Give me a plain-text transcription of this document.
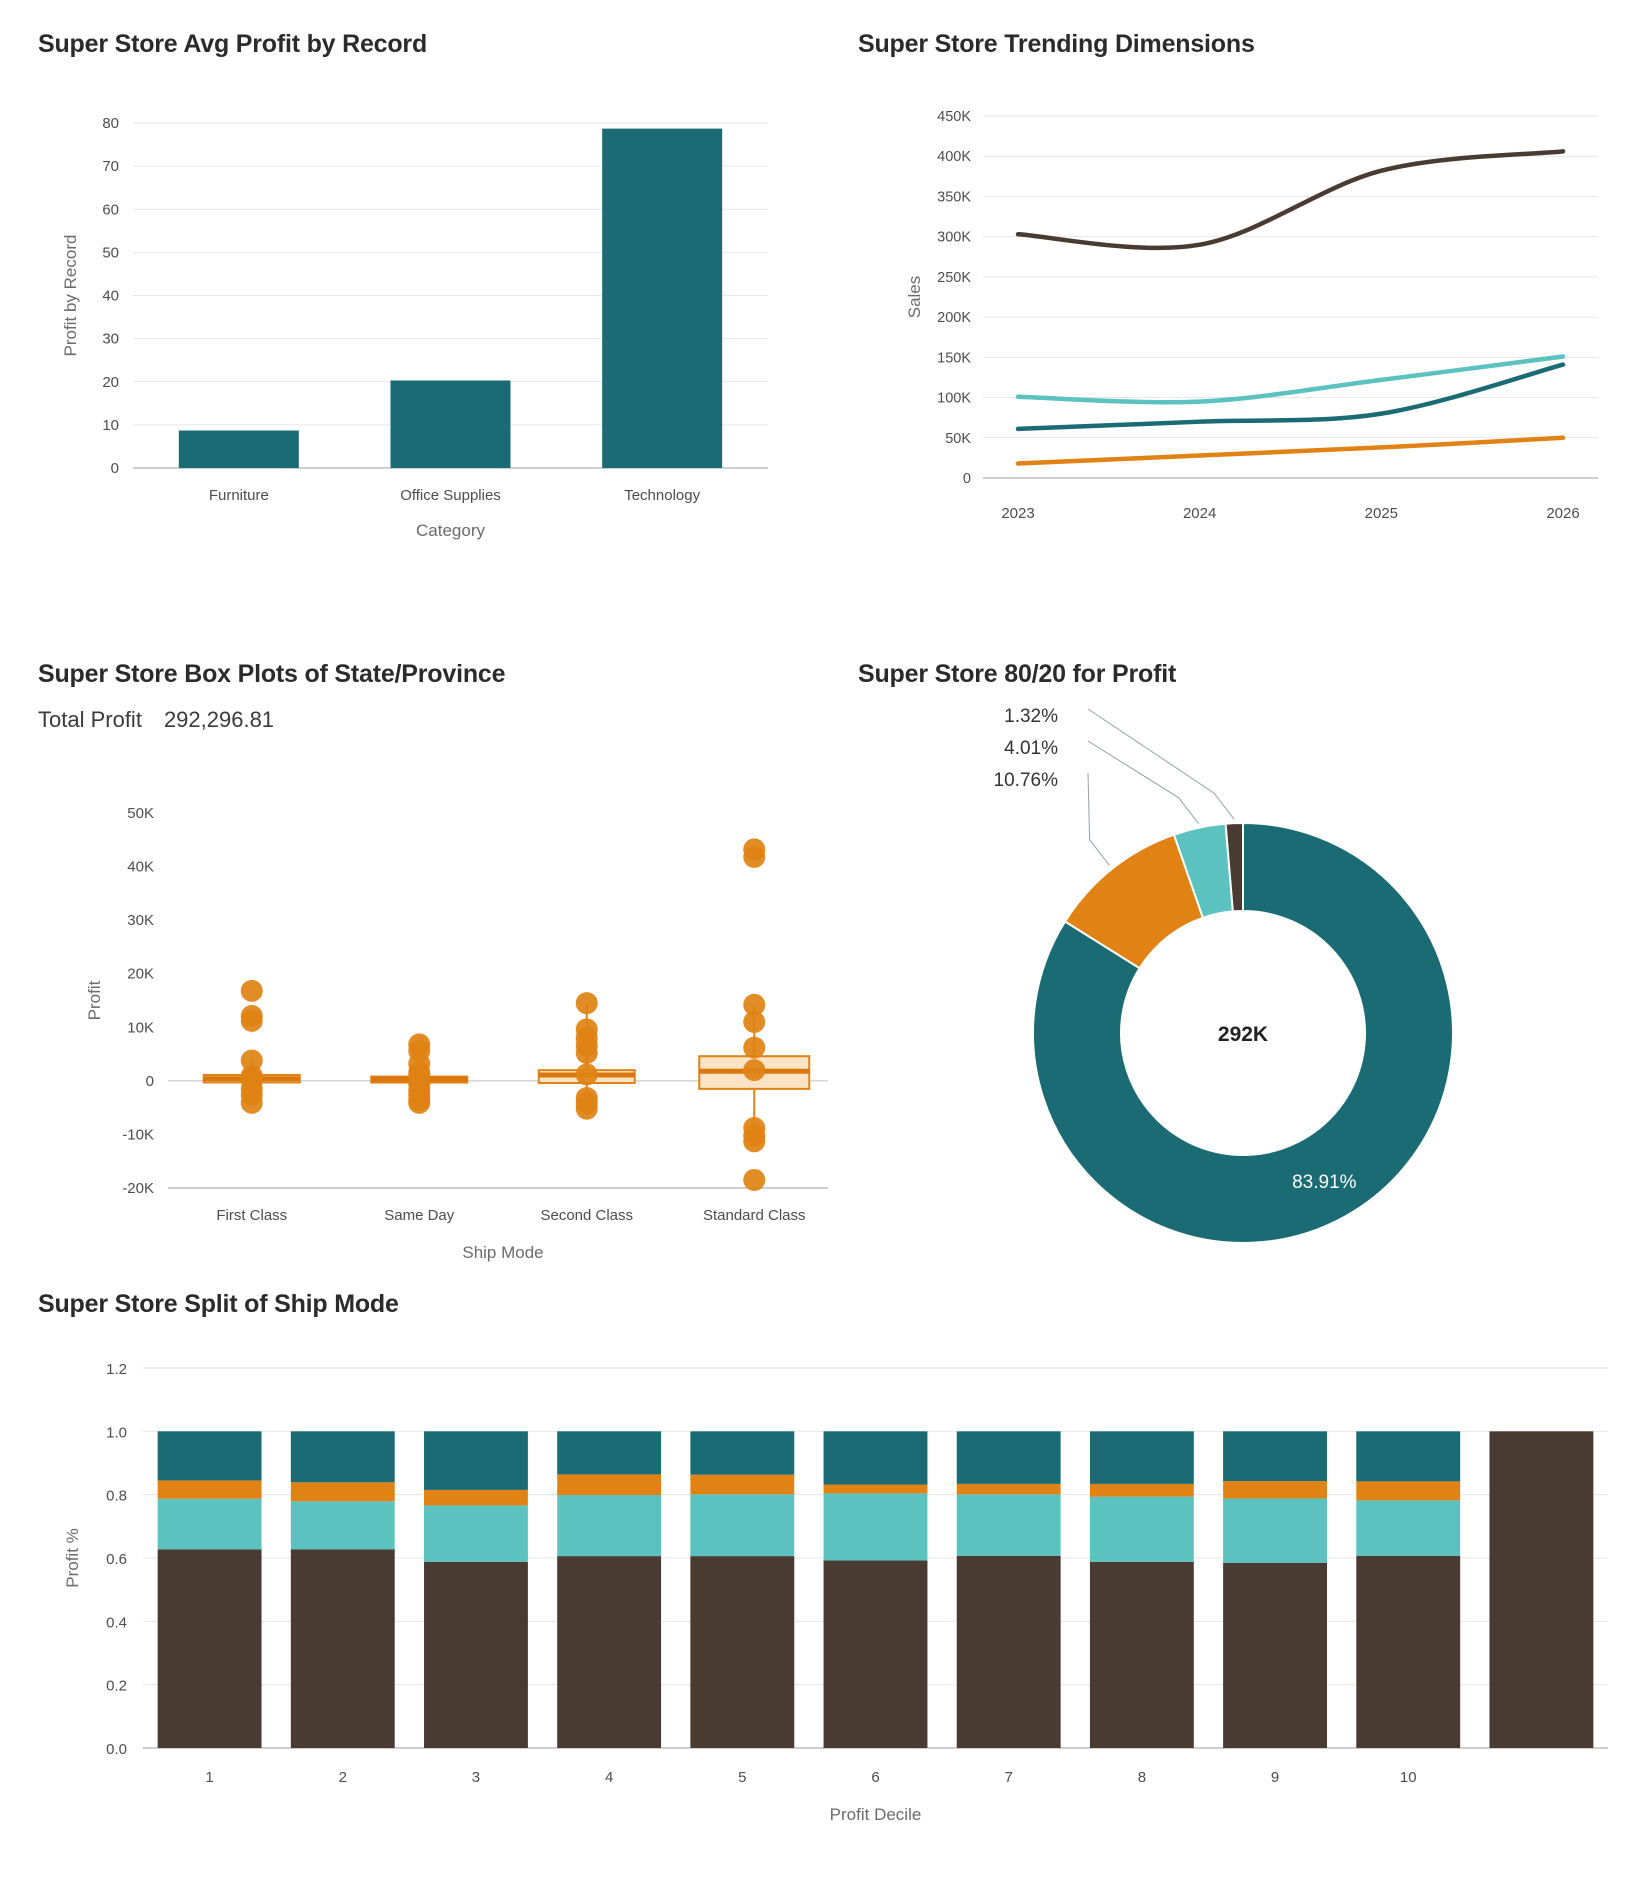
Super Store Avg Profit by Record
0
10
20
30
40
50
60
70
80
Furniture	Office Supplies	Technology
Category
Profit by Record
Super Store Trending Dimensions
0
50K
100K
150K
200K
250K
300K
350K
400K
450K
2023	2024	2025	2026
Sales
Super Store Box Plots of State/Province
Total Profit 292,296.81
-20K
-10K
0
10K
20K
30K
40K
50K
First Class	Same Day	Second Class	Standard Class
Ship Mode
Profit
Super Store 80/20 for Profit
292K
83.91%
10.76%
4.01%
1.32%
Super Store Split of Ship Mode
0.0
0.2
0.4
0.6
0.8
1.0
1.2
1	2	3	4	5	6	7	8	9	10
Profit Decile
Profit %
